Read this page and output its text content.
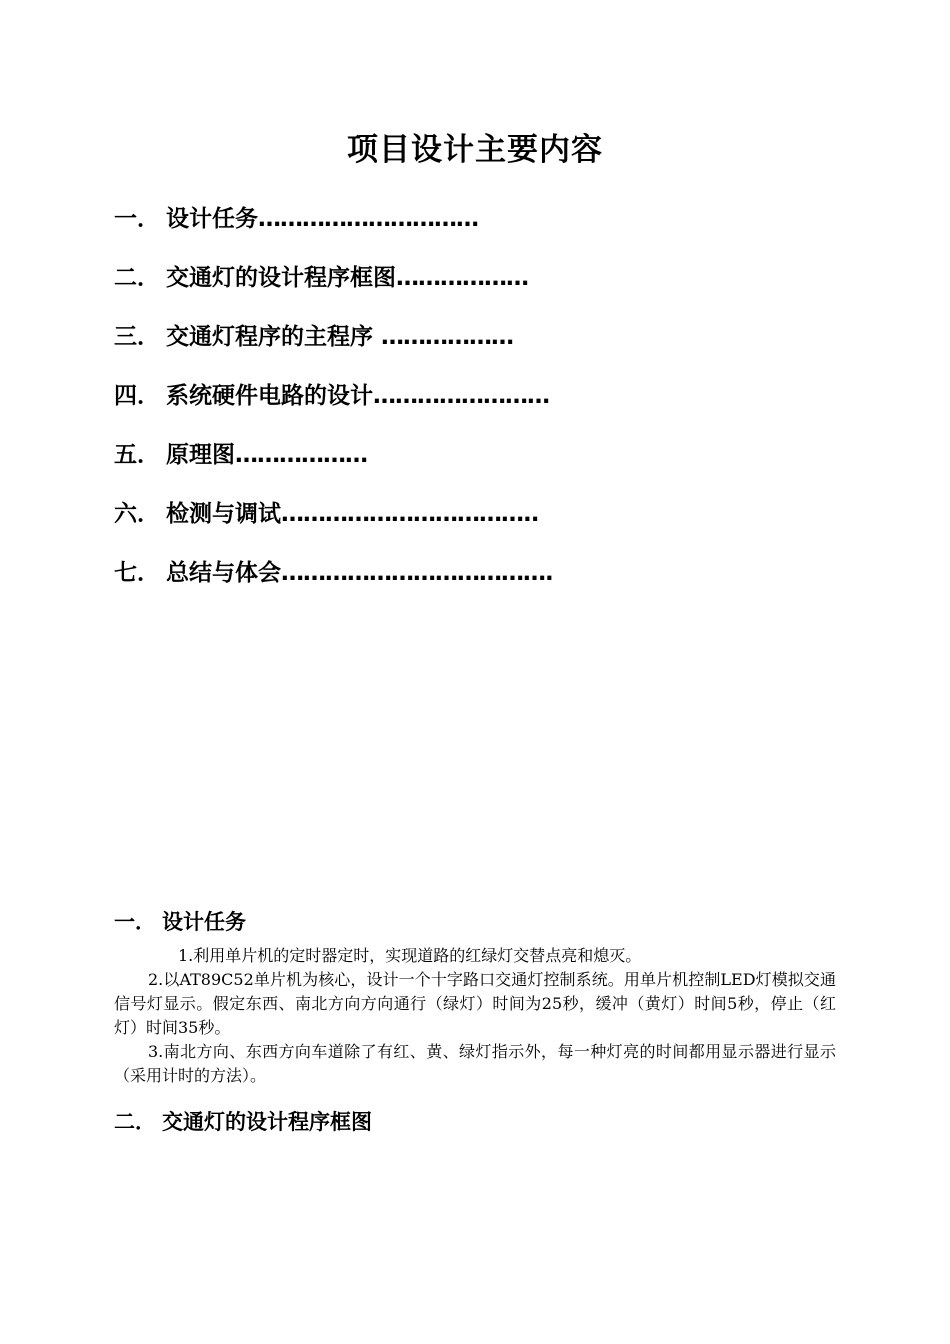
项目设计主要内容
一． 设计任务…………………………
二． 交通灯的设计程序框图………………
三． 交通灯程序的主程序 ………………
四． 系统硬件电路的设计……………………
五． 原理图………………
六． 检测与调试……………………………..
七． 总结与体会……………………………….
一． 设计任务

1.利用单片机的定时器定时，实现道路的红绿灯交替点亮和熄灭。

2.以AT89C52单片机为核心，设计一个十字路口交通灯控制系统。用单片机控制LED灯模拟交通信号灯显示。假定东西、南北方向方向通行（绿灯）时间为25秒，缓冲（黄灯）时间5秒，停止（红灯）时间35秒。

3.南北方向、东西方向车道除了有红、黄、绿灯指示外，每一种灯亮的时间都用显示器进行显示（采用计时的方法）。

二． 交通灯的设计程序框图
